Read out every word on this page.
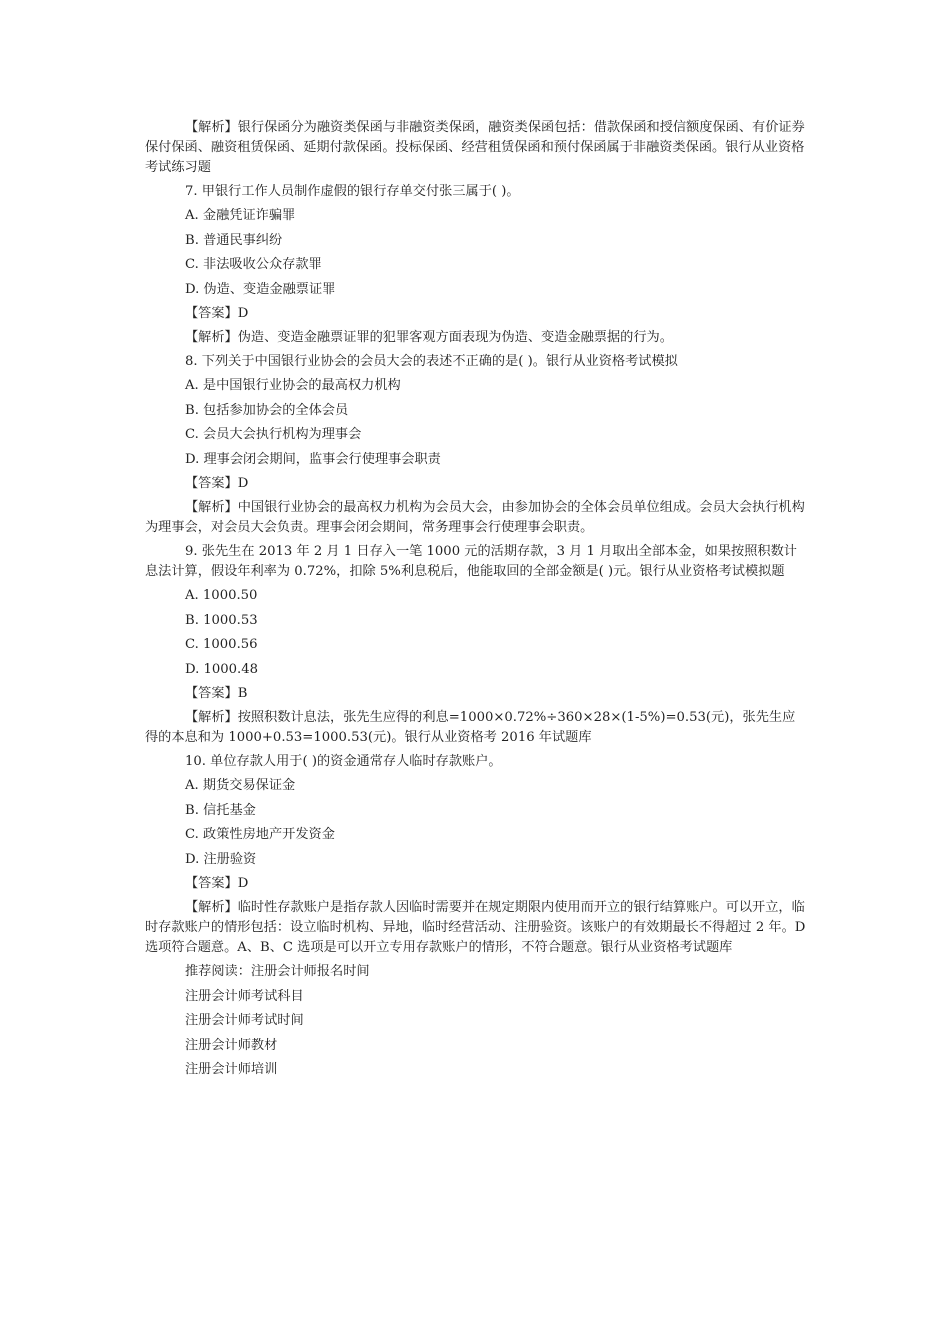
【解析】银行保函分为融资类保函与非融资类保函，融资类保函包括：借款保函和授信额度保函、有价证券保付保函、融资租赁保函、延期付款保函。投标保函、经营租赁保函和预付保函属于非融资类保函。银行从业资格考试练习题

7. 甲银行工作人员制作虚假的银行存单交付张三属于( )。

A. 金融凭证诈骗罪

B. 普通民事纠纷

C. 非法吸收公众存款罪

D. 伪造、变造金融票证罪

【答案】D

【解析】伪造、变造金融票证罪的犯罪客观方面表现为伪造、变造金融票据的行为。

8. 下列关于中国银行业协会的会员大会的表述不正确的是( )。银行从业资格考试模拟

A. 是中国银行业协会的最高权力机构

B. 包括参加协会的全体会员

C. 会员大会执行机构为理事会

D. 理事会闭会期间，监事会行使理事会职责

【答案】D

【解析】中国银行业协会的最高权力机构为会员大会，由参加协会的全体会员单位组成。会员大会执行机构为理事会，对会员大会负责。理事会闭会期间，常务理事会行使理事会职责。

9. 张先生在 2013 年 2 月 1 日存入一笔 1000 元的活期存款，3 月 1 月取出全部本金，如果按照积数计息法计算，假设年利率为 0.72%，扣除 5%利息税后，他能取回的全部金额是( )元。银行从业资格考试模拟题

A. 1000.50

B. 1000.53

C. 1000.56

D. 1000.48

【答案】B

【解析】按照积数计息法，张先生应得的利息=1000×0.72%÷360×28×(1-5%)=0.53(元)，张先生应得的本息和为 1000+0.53=1000.53(元)。银行从业资格考 2016 年试题库

10. 单位存款人用于( )的资金通常存人临时存款账户。

A. 期货交易保证金

B. 信托基金

C. 政策性房地产开发资金

D. 注册验资

【答案】D

【解析】临时性存款账户是指存款人因临时需要并在规定期限内使用而开立的银行结算账户。可以开立，临时存款账户的情形包括：设立临时机构、异地，临时经营活动、注册验资。该账户的有效期最长不得超过 2 年。D 选项符合题意。A、B、C 选项是可以开立专用存款账户的情形，不符合题意。银行从业资格考试题库

推荐阅读：注册会计师报名时间

注册会计师考试科目

注册会计师考试时间

注册会计师教材

注册会计师培训
